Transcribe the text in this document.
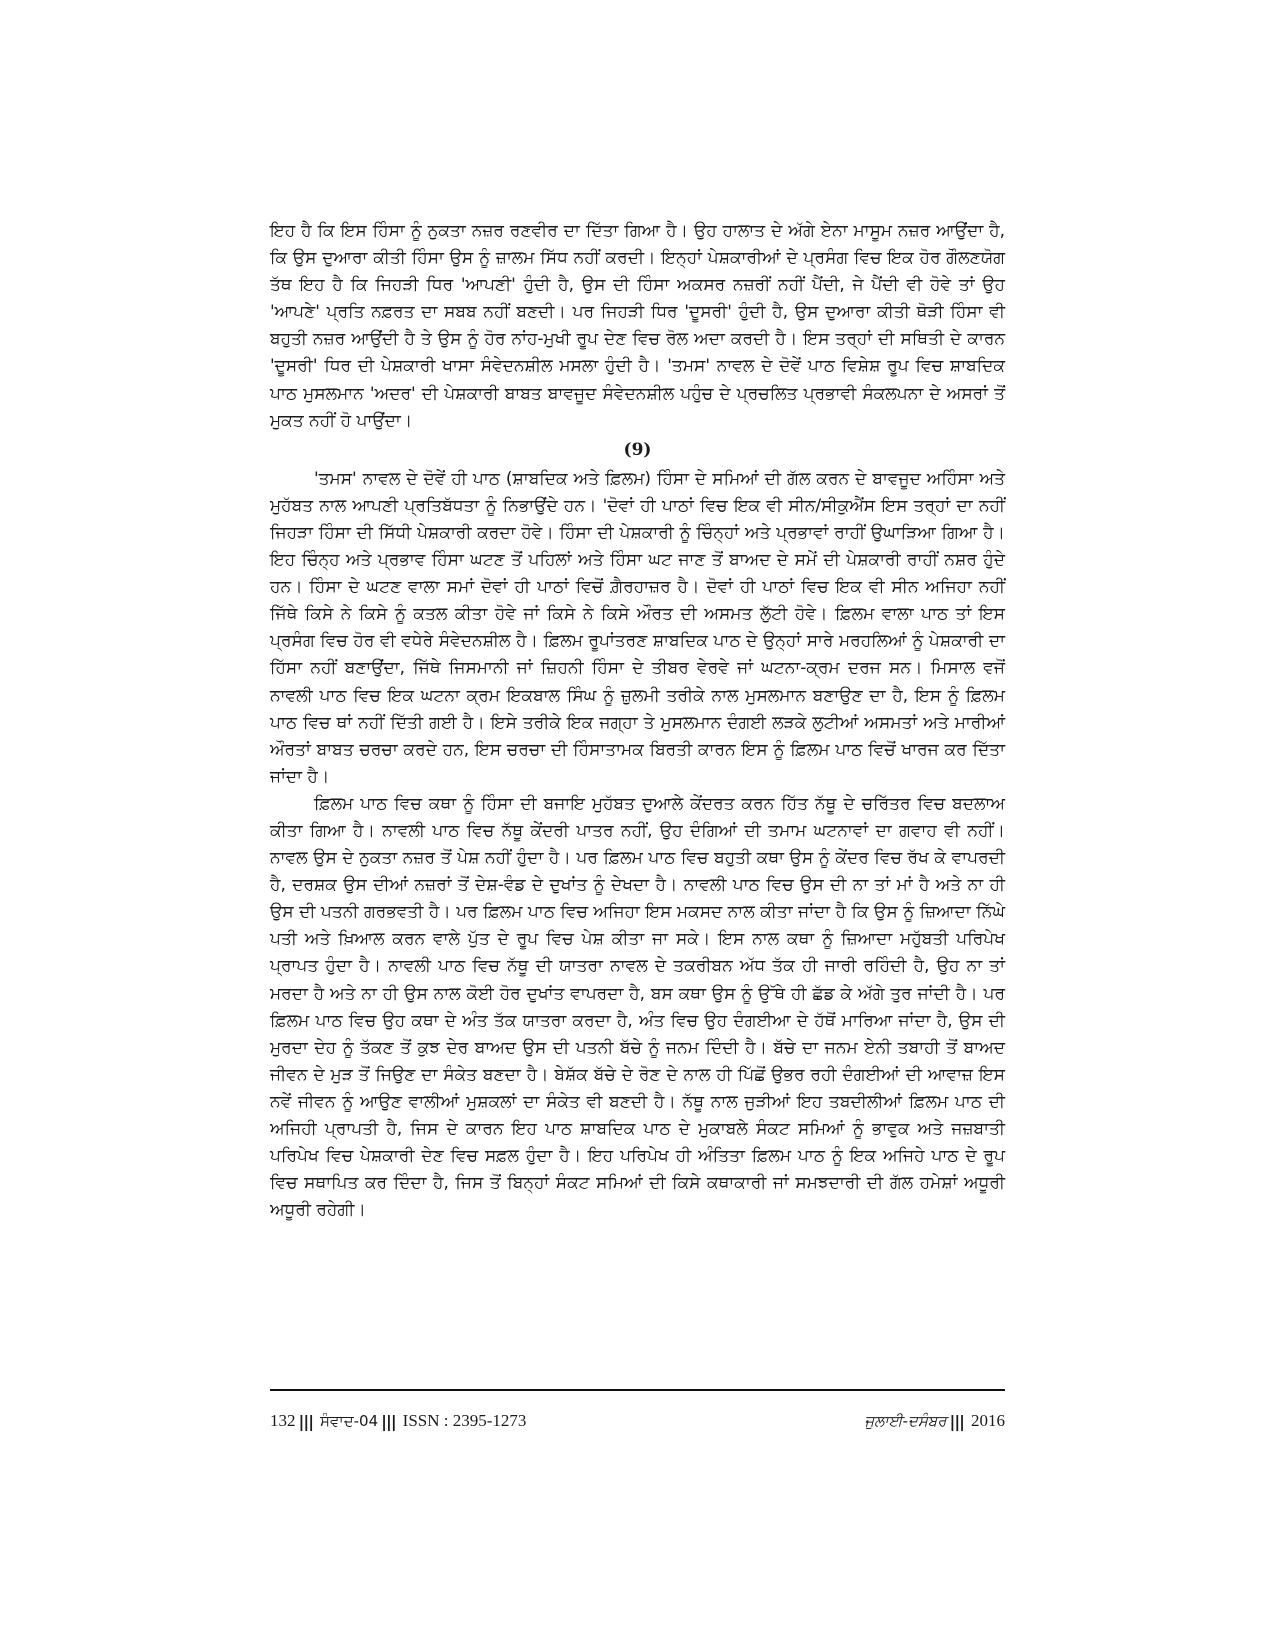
ਇਹ ਹੈ ਕਿ ਇਸ ਹਿੰਸਾ ਨੂੰ ਨੁਕਤਾ ਨਜ਼ਰ ਰਣਵੀਰ ਦਾ ਦਿੱਤਾ ਗਿਆ ਹੈ। ਉਹ ਹਾਲਾਤ ਦੇ ਅੱਗੇ ਏਨਾ ਮਾਸੂਮ ਨਜ਼ਰ ਆਉਂਦਾ ਹੈ, ਕਿ ਉਸ ਦੁਆਰਾ ਕੀਤੀ ਹਿੰਸਾ ਉਸ ਨੂੰ ਜ਼ਾਲਮ ਸਿੱਧ ਨਹੀਂ ਕਰਦੀ। ਇਨ੍ਹਾਂ ਪੇਸ਼ਕਾਰੀਆਂ ਦੇ ਪ੍ਰਸੰਗ ਵਿਚ ਇਕ ਹੋਰ ਗੌਲਣਯੋਗ ਤੱਥ ਇਹ ਹੈ ਕਿ ਜਿਹੜੀ ਧਿਰ 'ਆਪਣੀ' ਹੁੰਦੀ ਹੈ, ਉਸ ਦੀ ਹਿੰਸਾ ਅਕਸਰ ਨਜ਼ਰੀਂ ਨਹੀਂ ਪੈਂਦੀ, ਜੇ ਪੈਂਦੀ ਵੀ ਹੋਵੇ ਤਾਂ ਉਹ 'ਆਪਣੇ' ਪ੍ਰਤਿ ਨਫ਼ਰਤ ਦਾ ਸਬਬ ਨਹੀਂ ਬਣਦੀ। ਪਰ ਜਿਹੜੀ ਧਿਰ 'ਦੂਸਰੀ' ਹੁੰਦੀ ਹੈ, ਉਸ ਦੁਆਰਾ ਕੀਤੀ ਥੋੜੀ ਹਿੰਸਾ ਵੀ ਬਹੁਤੀ ਨਜ਼ਰ ਆਉਂਦੀ ਹੈ ਤੇ ਉਸ ਨੂੰ ਹੋਰ ਨਾਂਹ-ਮੁਖੀ ਰੂਪ ਦੇਣ ਵਿਚ ਰੋਲ ਅਦਾ ਕਰਦੀ ਹੈ। ਇਸ ਤਰ੍ਹਾਂ ਦੀ ਸਥਿਤੀ ਦੇ ਕਾਰਨ 'ਦੂਸਰੀ' ਧਿਰ ਦੀ ਪੇਸ਼ਕਾਰੀ ਖਾਸਾ ਸੰਵੇਦਨਸ਼ੀਲ ਮਸਲਾ ਹੁੰਦੀ ਹੈ। 'ਤਮਸ' ਨਾਵਲ ਦੇ ਦੋਵੇਂ ਪਾਠ ਵਿਸ਼ੇਸ਼ ਰੂਪ ਵਿਚ ਸ਼ਾਬਦਿਕ ਪਾਠ ਮੁਸਲਮਾਨ 'ਅਦਰ' ਦੀ ਪੇਸ਼ਕਾਰੀ ਬਾਬਤ ਬਾਵਜੂਦ ਸੰਵੇਦਨਸ਼ੀਲ ਪਹੁੰਚ ਦੇ ਪ੍ਰਚਲਿਤ ਪ੍ਰਭਾਵੀ ਸੰਕਲਪਨਾ ਦੇ ਅਸਰਾਂ ਤੋਂ ਮੁਕਤ ਨਹੀਂ ਹੋ ਪਾਉਂਦਾ।

(9)

'ਤਮਸ' ਨਾਵਲ ਦੇ ਦੋਵੇਂ ਹੀ ਪਾਠ (ਸ਼ਾਬਦਿਕ ਅਤੇ ਫ਼ਿਲਮ) ਹਿੰਸਾ ਦੇ ਸਮਿਆਂ ਦੀ ਗੱਲ ਕਰਨ ਦੇ ਬਾਵਜੂਦ ਅਹਿੰਸਾ ਅਤੇ ਮੁਹੱਬਤ ਨਾਲ ਆਪਣੀ ਪ੍ਰਤਿਬੱਧਤਾ ਨੂੰ ਨਿਭਾਉਂਦੇ ਹਨ। 'ਦੋਵਾਂ ਹੀ ਪਾਠਾਂ ਵਿਚ ਇਕ ਵੀ ਸੀਨ/ਸੀਕੁਐਂਸ ਇਸ ਤਰ੍ਹਾਂ ਦਾ ਨਹੀਂ ਜਿਹੜਾ ਹਿੰਸਾ ਦੀ ਸਿੱਧੀ ਪੇਸ਼ਕਾਰੀ ਕਰਦਾ ਹੋਵੇ। ਹਿੰਸਾ ਦੀ ਪੇਸ਼ਕਾਰੀ ਨੂੰ ਚਿੰਨ੍ਹਾਂ ਅਤੇ ਪ੍ਰਭਾਵਾਂ ਰਾਹੀਂ ਉਘਾੜਿਆ ਗਿਆ ਹੈ। ਇਹ ਚਿੰਨ੍ਹ ਅਤੇ ਪ੍ਰਭਾਵ ਹਿੰਸਾ ਘਟਣ ਤੋਂ ਪਹਿਲਾਂ ਅਤੇ ਹਿੰਸਾ ਘਟ ਜਾਣ ਤੋਂ ਬਾਅਦ ਦੇ ਸਮੇਂ ਦੀ ਪੇਸ਼ਕਾਰੀ ਰਾਹੀਂ ਨਸ਼ਰ ਹੁੰਦੇ ਹਨ। ਹਿੰਸਾ ਦੇ ਘਟਣ ਵਾਲਾ ਸਮਾਂ ਦੋਵਾਂ ਹੀ ਪਾਠਾਂ ਵਿਚੋਂ ਗ਼ੈਰਹਾਜ਼ਰ ਹੈ। ਦੋਵਾਂ ਹੀ ਪਾਠਾਂ ਵਿਚ ਇਕ ਵੀ ਸੀਨ ਅਜਿਹਾ ਨਹੀਂ ਜਿੱਥੇ ਕਿਸੇ ਨੇ ਕਿਸੇ ਨੂੰ ਕਤਲ ਕੀਤਾ ਹੋਵੇ ਜਾਂ ਕਿਸੇ ਨੇ ਕਿਸੇ ਔਰਤ ਦੀ ਅਸਮਤ ਲੁੱਟੀ ਹੋਵੇ। ਫ਼ਿਲਮ ਵਾਲਾ ਪਾਠ ਤਾਂ ਇਸ ਪ੍ਰਸੰਗ ਵਿਚ ਹੋਰ ਵੀ ਵਧੇਰੇ ਸੰਵੇਦਨਸ਼ੀਲ ਹੈ। ਫ਼ਿਲਮ ਰੂਪਾਂਤਰਣ ਸ਼ਾਬਦਿਕ ਪਾਠ ਦੇ ਉਨ੍ਹਾਂ ਸਾਰੇ ਮਰਹਲਿਆਂ ਨੂੰ ਪੇਸ਼ਕਾਰੀ ਦਾ ਹਿੱਸਾ ਨਹੀਂ ਬਣਾਉਂਦਾ, ਜਿੱਥੇ ਜਿਸਮਾਨੀ ਜਾਂ ਜ਼ਿਹਨੀ ਹਿੰਸਾ ਦੇ ਤੀਬਰ ਵੇਰਵੇ ਜਾਂ ਘਟਨਾ-ਕ੍ਰਮ ਦਰਜ ਸਨ। ਮਿਸਾਲ ਵਜੋਂ ਨਾਵਲੀ ਪਾਠ ਵਿਚ ਇਕ ਘਟਨਾ ਕ੍ਰਮ ਇਕਬਾਲ ਸਿੰਘ ਨੂੰ ਜ਼ੁਲਮੀ ਤਰੀਕੇ ਨਾਲ ਮੁਸਲਮਾਨ ਬਣਾਉਣ ਦਾ ਹੈ, ਇਸ ਨੂੰ ਫ਼ਿਲਮ ਪਾਠ ਵਿਚ ਥਾਂ ਨਹੀਂ ਦਿੱਤੀ ਗਈ ਹੈ। ਇਸੇ ਤਰੀਕੇ ਇਕ ਜਗ੍ਹਾ ਤੇ ਮੁਸਲਮਾਨ ਦੰਗਈ ਲੜਕੇ ਲੁਟੀਆਂ ਅਸਮਤਾਂ ਅਤੇ ਮਾਰੀਆਂ ਔਰਤਾਂ ਬਾਬਤ ਚਰਚਾ ਕਰਦੇ ਹਨ, ਇਸ ਚਰਚਾ ਦੀ ਹਿੰਸਾਤਾਮਕ ਬਿਰਤੀ ਕਾਰਨ ਇਸ ਨੂੰ ਫ਼ਿਲਮ ਪਾਠ ਵਿਚੋਂ ਖਾਰਜ ਕਰ ਦਿੱਤਾ ਜਾਂਦਾ ਹੈ।

ਫ਼ਿਲਮ ਪਾਠ ਵਿਚ ਕਥਾ ਨੂੰ ਹਿੰਸਾ ਦੀ ਬਜਾਇ ਮੁਹੱਬਤ ਦੁਆਲੇ ਕੇਂਦਰਤ ਕਰਨ ਹਿੱਤ ਨੱਥੂ ਦੇ ਚਰਿੱਤਰ ਵਿਚ ਬਦਲਾਅ ਕੀਤਾ ਗਿਆ ਹੈ। ਨਾਵਲੀ ਪਾਠ ਵਿਚ ਨੱਥੂ ਕੇਂਦਰੀ ਪਾਤਰ ਨਹੀਂ, ਉਹ ਦੰਗਿਆਂ ਦੀ ਤਮਾਮ ਘਟਨਾਵਾਂ ਦਾ ਗਵਾਹ ਵੀ ਨਹੀਂ। ਨਾਵਲ ਉਸ ਦੇ ਨੁਕਤਾ ਨਜ਼ਰ ਤੋਂ ਪੇਸ਼ ਨਹੀਂ ਹੁੰਦਾ ਹੈ। ਪਰ ਫ਼ਿਲਮ ਪਾਠ ਵਿਚ ਬਹੁਤੀ ਕਥਾ ਉਸ ਨੂੰ ਕੇਂਦਰ ਵਿਚ ਰੱਖ ਕੇ ਵਾਪਰਦੀ ਹੈ, ਦਰਸ਼ਕ ਉਸ ਦੀਆਂ ਨਜ਼ਰਾਂ ਤੋਂ ਦੇਸ਼-ਵੰਡ ਦੇ ਦੁਖਾਂਤ ਨੂੰ ਦੇਖਦਾ ਹੈ। ਨਾਵਲੀ ਪਾਠ ਵਿਚ ਉਸ ਦੀ ਨਾ ਤਾਂ ਮਾਂ ਹੈ ਅਤੇ ਨਾ ਹੀ ਉਸ ਦੀ ਪਤਨੀ ਗਰਭਵਤੀ ਹੈ। ਪਰ ਫ਼ਿਲਮ ਪਾਠ ਵਿਚ ਅਜਿਹਾ ਇਸ ਮਕਸਦ ਨਾਲ ਕੀਤਾ ਜਾਂਦਾ ਹੈ ਕਿ ਉਸ ਨੂੰ ਜ਼ਿਆਦਾ ਨਿੱਘੇ ਪਤੀ ਅਤੇ ਖ਼ਿਆਲ ਕਰਨ ਵਾਲੇ ਪੁੱਤ ਦੇ ਰੂਪ ਵਿਚ ਪੇਸ਼ ਕੀਤਾ ਜਾ ਸਕੇ। ਇਸ ਨਾਲ ਕਥਾ ਨੂੰ ਜ਼ਿਆਦਾ ਮਹੁੱਬਤੀ ਪਰਿਪੇਖ ਪ੍ਰਾਪਤ ਹੁੰਦਾ ਹੈ। ਨਾਵਲੀ ਪਾਠ ਵਿਚ ਨੱਥੂ ਦੀ ਯਾਤਰਾ ਨਾਵਲ ਦੇ ਤਕਰੀਬਨ ਅੱਧ ਤੱਕ ਹੀ ਜਾਰੀ ਰਹਿੰਦੀ ਹੈ, ਉਹ ਨਾ ਤਾਂ ਮਰਦਾ ਹੈ ਅਤੇ ਨਾ ਹੀ ਉਸ ਨਾਲ ਕੋਈ ਹੋਰ ਦੁਖਾਂਤ ਵਾਪਰਦਾ ਹੈ, ਬਸ ਕਥਾ ਉਸ ਨੂੰ ਉੱਥੇ ਹੀ ਛੱਡ ਕੇ ਅੱਗੇ ਤੁਰ ਜਾਂਦੀ ਹੈ। ਪਰ ਫ਼ਿਲਮ ਪਾਠ ਵਿਚ ਉਹ ਕਥਾ ਦੇ ਅੰਤ ਤੱਕ ਯਾਤਰਾ ਕਰਦਾ ਹੈ, ਅੰਤ ਵਿਚ ਉਹ ਦੰਗਈਆ ਦੇ ਹੱਥੋਂ ਮਾਰਿਆ ਜਾਂਦਾ ਹੈ, ਉਸ ਦੀ ਮੁਰਦਾ ਦੇਹ ਨੂੰ ਤੱਕਣ ਤੋਂ ਕੁਝ ਦੇਰ ਬਾਅਦ ਉਸ ਦੀ ਪਤਨੀ ਬੱਚੇ ਨੂੰ ਜਨਮ ਦਿੰਦੀ ਹੈ। ਬੱਚੇ ਦਾ ਜਨਮ ਏਨੀ ਤਬਾਹੀ ਤੋਂ ਬਾਅਦ ਜੀਵਨ ਦੇ ਮੁੜ ਤੋਂ ਜਿਉਣ ਦਾ ਸੰਕੇਤ ਬਣਦਾ ਹੈ। ਬੇਸ਼ੱਕ ਬੱਚੇ ਦੇ ਰੋਣ ਦੇ ਨਾਲ ਹੀ ਪਿੱਛੋਂ ਉਭਰ ਰਹੀ ਦੰਗਈਆਂ ਦੀ ਆਵਾਜ਼ ਇਸ ਨਵੇਂ ਜੀਵਨ ਨੂੰ ਆਉਣ ਵਾਲੀਆਂ ਮੁਸ਼ਕਲਾਂ ਦਾ ਸੰਕੇਤ ਵੀ ਬਣਦੀ ਹੈ। ਨੱਥੂ ਨਾਲ ਜੁੜੀਆਂ ਇਹ ਤਬਦੀਲੀਆਂ ਫ਼ਿਲਮ ਪਾਠ ਦੀ ਅਜਿਹੀ ਪ੍ਰਾਪਤੀ ਹੈ, ਜਿਸ ਦੇ ਕਾਰਨ ਇਹ ਪਾਠ ਸ਼ਾਬਦਿਕ ਪਾਠ ਦੇ ਮੁਕਾਬਲੇ ਸੰਕਟ ਸਮਿਆਂ ਨੂੰ ਭਾਵੁਕ ਅਤੇ ਜਜ਼ਬਾਤੀ ਪਰਿਪੇਖ ਵਿਚ ਪੇਸ਼ਕਾਰੀ ਦੇਣ ਵਿਚ ਸਫ਼ਲ ਹੁੰਦਾ ਹੈ। ਇਹ ਪਰਿਪੇਖ ਹੀ ਅੰਤਿਤਾ ਫ਼ਿਲਮ ਪਾਠ ਨੂੰ ਇਕ ਅਜਿਹੇ ਪਾਠ ਦੇ ਰੂਪ ਵਿਚ ਸਥਾਪਿਤ ਕਰ ਦਿੰਦਾ ਹੈ, ਜਿਸ ਤੋਂ ਬਿਨ੍ਹਾਂ ਸੰਕਟ ਸਮਿਆਂ ਦੀ ਕਿਸੇ ਕਥਾਕਾਰੀ ਜਾਂ ਸਮਝਦਾਰੀ ਦੀ ਗੱਲ ਹਮੇਸ਼ਾਂ ਅਧੂਰੀ ਅਧੂਰੀ ਰਹੇਗੀ।

132 ||| ਸੰਵਾਦ-04 ||| ISSN : 2395-1273	ਜੁਲਾਈ-ਦਸੰਬਰ ||| 2016
